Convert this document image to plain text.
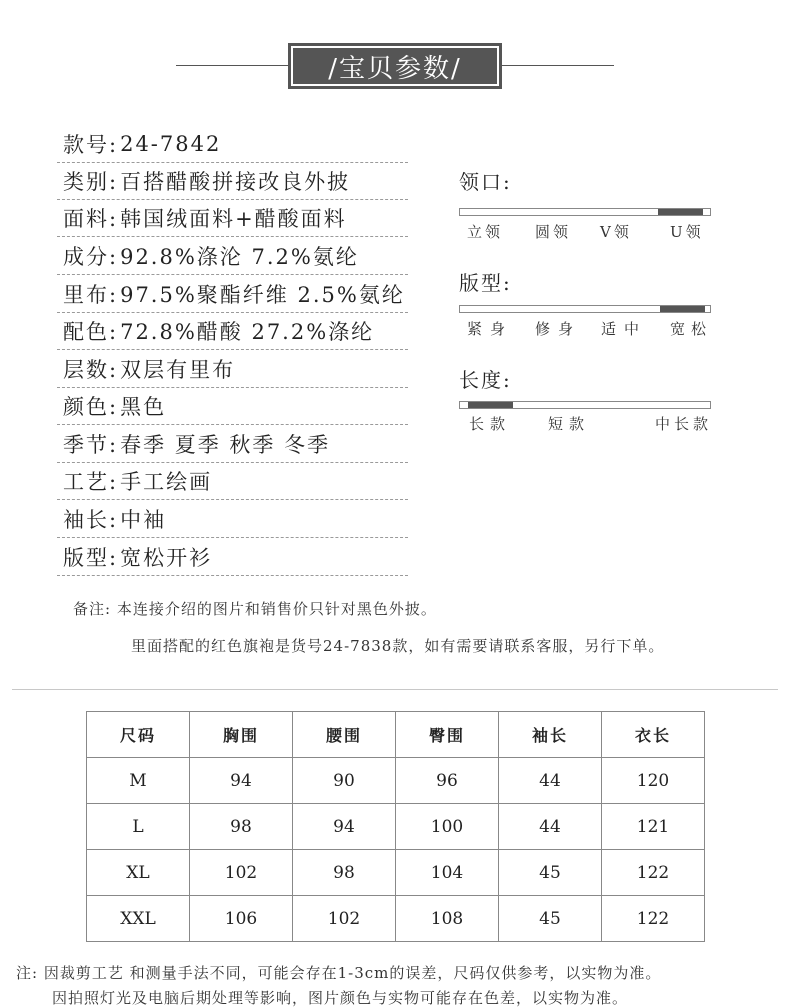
/宝贝参数/
款号: 24-7842
类别: 百搭醋酸拼接改良外披
面料: 韩国绒面料+醋酸面料
成分: 92.8%涤沦 7.2%氨纶
里布: 97.5%聚酯纤维 2.5%氨纶
配色: 72.8%醋酸 27.2%涤纶
层数: 双层有里布
颜色: 黑色
季节: 春季 夏季 秋季 冬季
工艺: 手工绘画
袖长: 中袖
版型: 宽松开衫
领口:
立领 圆领 V领	U领
版型:
紧身 修身 适中 宽松
长度:
长款 短款	中长款
备注: 本连接介绍的图片和销售价只针对黑色外披。
里面搭配的红色旗袍是货号24-7838款，如有需要请联系客服，另行下单。
尺码	胸围	腰围	臀围	袖长	衣长
M	94	90	96	44	120
L	98	94	100	44	121
XL	102	98	104	45	122
XXL	106	102	108	45	122
注: 因裁剪工艺 和测量手法不同，可能会存在1-3cm的误差，尺码仅供参考，以实物为准。
因拍照灯光及电脑后期处理等影响，图片颜色与实物可能存在色差，以实物为准。
